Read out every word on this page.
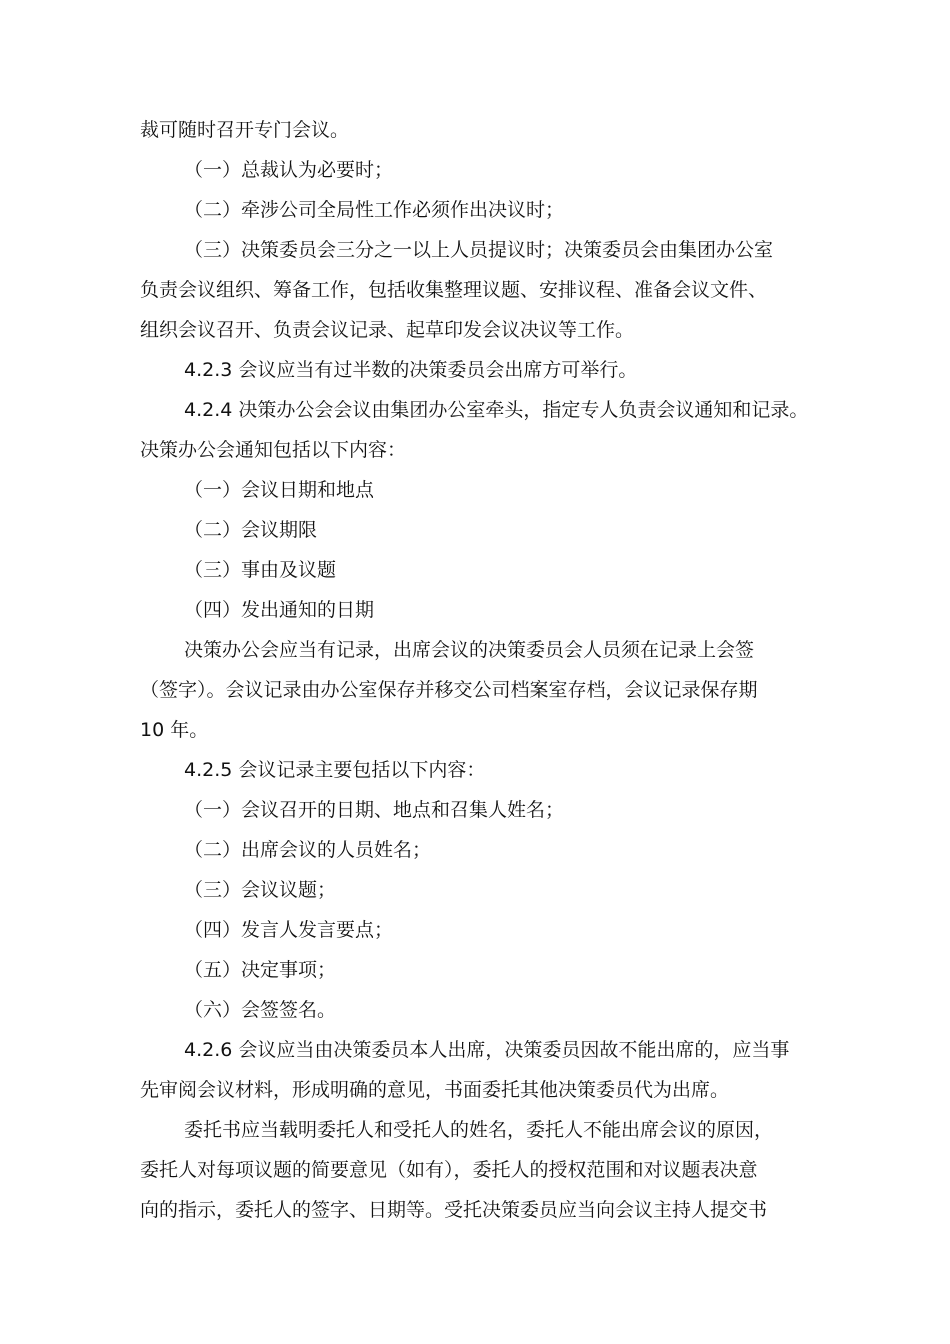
裁可随时召开专门会议。
（一）总裁认为必要时；
（二）牵涉公司全局性工作必须作出决议时；
（三）决策委员会三分之一以上人员提议时；决策委员会由集团办公室
负责会议组织、筹备工作，包括收集整理议题、安排议程、准备会议文件、
组织会议召开、负责会议记录、起草印发会议决议等工作。
4.2.3 会议应当有过半数的决策委员会出席方可举行。
4.2.4 决策办公会会议由集团办公室牵头，指定专人负责会议通知和记录。
决策办公会通知包括以下内容：
（一）会议日期和地点
（二）会议期限
（三）事由及议题
（四）发出通知的日期
决策办公会应当有记录，出席会议的决策委员会人员须在记录上会签
（签字）。会议记录由办公室保存并移交公司档案室存档，会议记录保存期
10 年。
4.2.5 会议记录主要包括以下内容：
（一）会议召开的日期、地点和召集人姓名；
（二）出席会议的人员姓名；
（三）会议议题；
（四）发言人发言要点；
（五）决定事项；
（六）会签签名。
4.2.6 会议应当由决策委员本人出席，决策委员因故不能出席的，应当事
先审阅会议材料，形成明确的意见，书面委托其他决策委员代为出席。
委托书应当载明委托人和受托人的姓名，委托人不能出席会议的原因，
委托人对每项议题的简要意见（如有），委托人的授权范围和对议题表决意
向的指示，委托人的签字、日期等。受托决策委员应当向会议主持人提交书
